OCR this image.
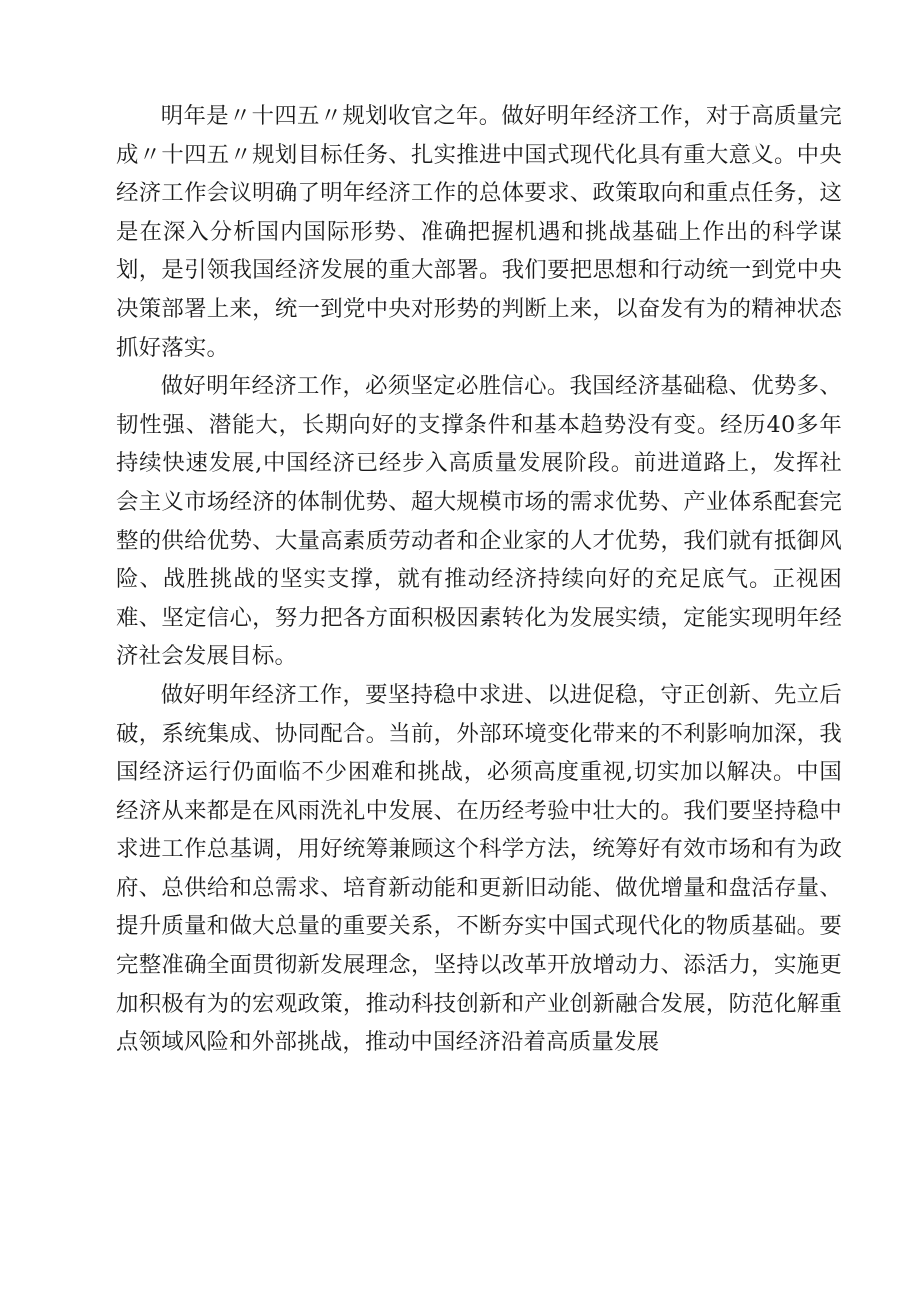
明年是〃十四五〃规划收官之年。做好明年经济工作，对于高质量完成〃十四五〃规划目标任务、扎实推进中国式现代化具有重大意义。中央经济工作会议明确了明年经济工作的总体要求、政策取向和重点任务，这是在深入分析国内国际形势、准确把握机遇和挑战基础上作出的科学谋划，是引领我国经济发展的重大部署。我们要把思想和行动统一到党中央决策部署上来，统一到党中央对形势的判断上来，以奋发有为的精神状态抓好落实。

做好明年经济工作，必须坚定必胜信心。我国经济基础稳、优势多、韧性强、潜能大，长期向好的支撑条件和基本趋势没有变。经历40多年持续快速发展,中国经济已经步入高质量发展阶段。前进道路上，发挥社会主义市场经济的体制优势、超大规模市场的需求优势、产业体系配套完整的供给优势、大量高素质劳动者和企业家的人才优势，我们就有抵御风险、战胜挑战的坚实支撑，就有推动经济持续向好的充足底气。正视困难、坚定信心，努力把各方面积极因素转化为发展实绩，定能实现明年经济社会发展目标。

做好明年经济工作，要坚持稳中求进、以进促稳，守正创新、先立后破，系统集成、协同配合。当前，外部环境变化带来的不利影响加深，我国经济运行仍面临不少困难和挑战，必须高度重视,切实加以解决。中国经济从来都是在风雨洗礼中发展、在历经考验中壮大的。我们要坚持稳中求进工作总基调，用好统筹兼顾这个科学方法，统筹好有效市场和有为政府、总供给和总需求、培育新动能和更新旧动能、做优增量和盘活存量、提升质量和做大总量的重要关系，不断夯实中国式现代化的物质基础。要完整准确全面贯彻新发展理念，坚持以改革开放增动力、添活力，实施更加积极有为的宏观政策，推动科技创新和产业创新融合发展，防范化解重点领域风险和外部挑战，推动中国经济沿着高质量发展
